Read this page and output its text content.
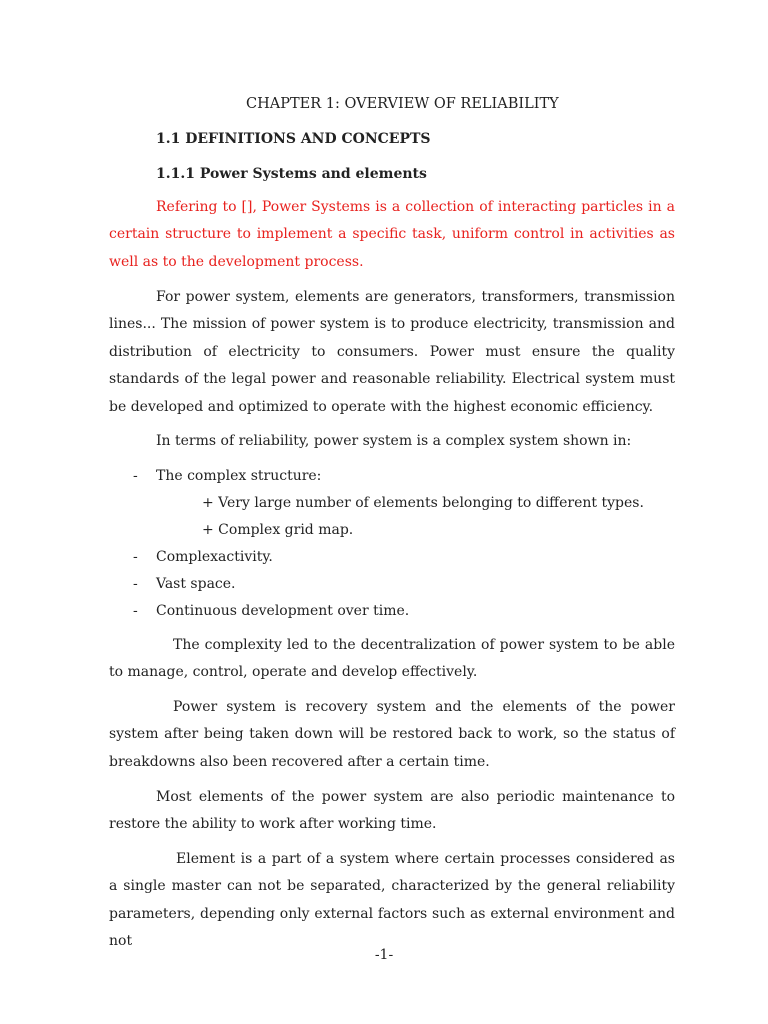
CHAPTER 1: OVERVIEW OF RELIABILITY
1.1 DEFINITIONS AND CONCEPTS
1.1.1 Power Systems and elements

Refering to [], Power Systems is a collection of interacting particles in a certain structure to implement a specific task, uniform control in activities as well as to the development process.

For power system, elements are generators, transformers, transmission lines... The mission of power system is to produce electricity, transmission and distribution of electricity to consumers. Power must ensure the quality standards of the legal power and reasonable reliability. Electrical system must be developed and optimized to operate with the highest economic efficiency.

In terms of reliability, power system is a complex system shown in:

- The complex structure:
+ Very large number of elements belonging to different types.
+ Complex grid map.
- Complexactivity.
- Vast space.
- Continuous development over time.

The complexity led to the decentralization of power system to be able to manage, control, operate and develop effectively.

Power system is recovery system and the elements of the power system after being taken down will be restored back to work, so the status of breakdowns also been recovered after a certain time.

Most elements of the power system are also periodic maintenance to restore the ability to work after working time.

Element is a part of a system where certain processes considered as a single master can not be separated, characterized by the general reliability parameters, depending only external factors such as external environment and not

-1-
